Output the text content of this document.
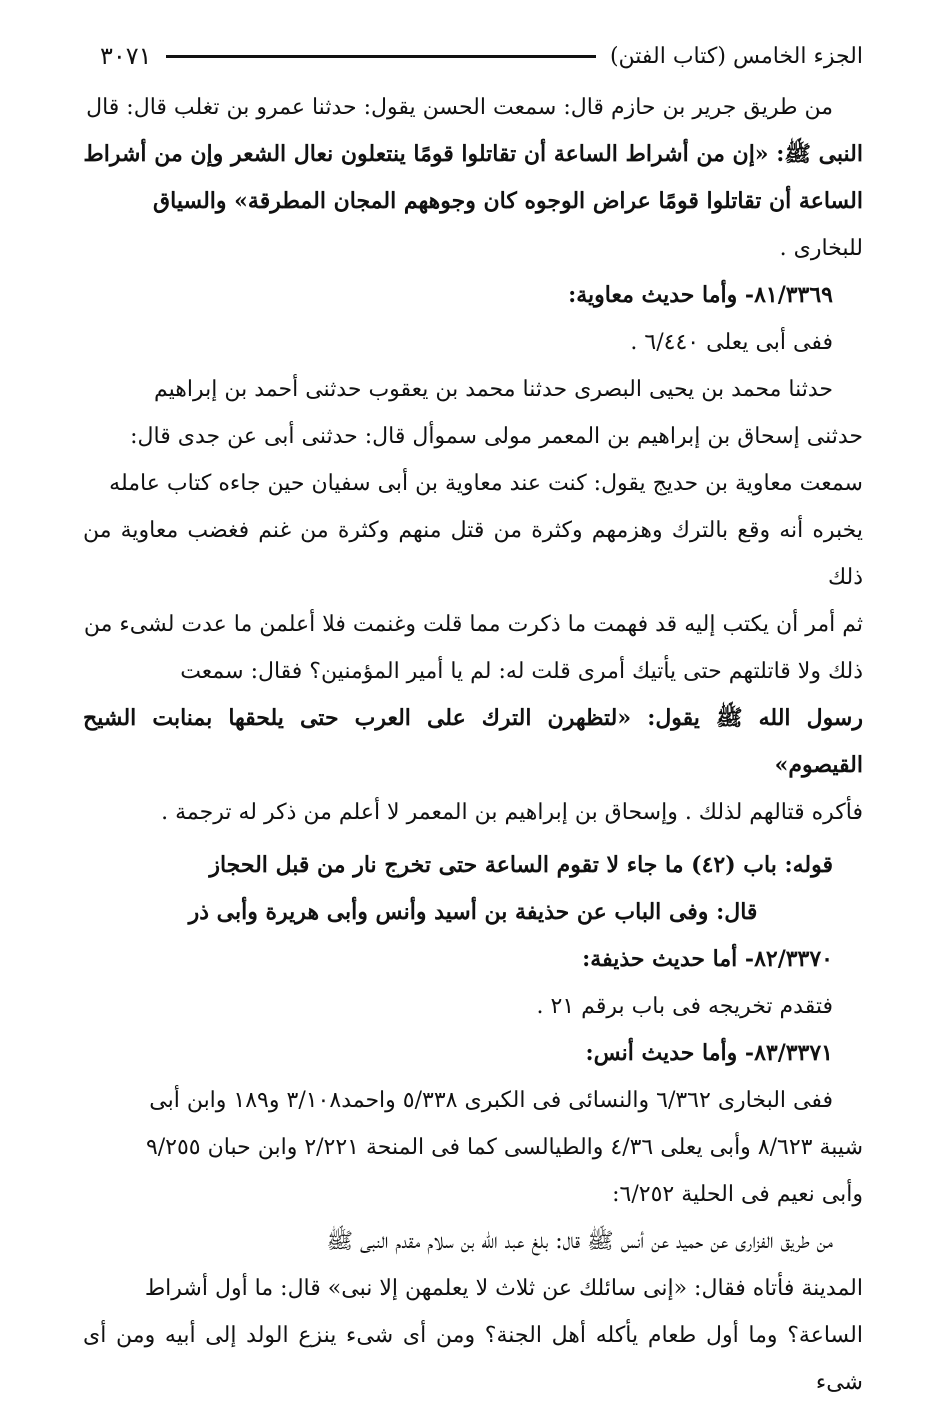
الجزء الخامس (كتاب الفتن)
٣٠٧١

من طريق جرير بن حازم قال: سمعت الحسن يقول: حدثنا عمرو بن تغلب قال: قال

النبى ﷺ: «إن من أشراط الساعة أن تقاتلوا قومًا ينتعلون نعال الشعر وإن من أشراط

الساعة أن تقاتلوا قومًا عراض الوجوه كان وجوههم المجان المطرقة» والسياق

للبخارى .

٨١/٣٣٦٩- وأما حديث معاوية:

ففى أبى يعلى ٦/٤٤٠ .

حدثنا محمد بن يحيى البصرى حدثنا محمد بن يعقوب حدثنى أحمد بن إبراهيم

حدثنى إسحاق بن إبراهيم بن المعمر مولى سموأل قال: حدثنى أبى عن جدى قال:

سمعت معاوية بن حديج يقول: كنت عند معاوية بن أبى سفيان حين جاءه كتاب عامله

يخبره أنه وقع بالترك وهزمهم وكثرة من قتل منهم وكثرة من غنم فغضب معاوية من ذلك

ثم أمر أن يكتب إليه قد فهمت ما ذكرت مما قلت وغنمت فلا أعلمن ما عدت لشىء من

ذلك ولا قاتلتهم حتى يأتيك أمرى قلت له: لم يا أمير المؤمنين؟ فقال: سمعت

رسول الله ﷺ يقول: «لتظهرن الترك على العرب حتى يلحقها بمنابت الشيح القيصوم»

فأكره قتالهم لذلك . وإسحاق بن إبراهيم بن المعمر لا أعلم من ذكر له ترجمة .

قوله: باب (٤٢) ما جاء لا تقوم الساعة حتى تخرج نار من قبل الحجاز

قال: وفى الباب عن حذيفة بن أسيد وأنس وأبى هريرة وأبى ذر

٨٢/٣٣٧٠- أما حديث حذيفة:

فتقدم تخريجه فى باب برقم ٢١ .

٨٣/٣٣٧١- وأما حديث أنس:

ففى البخارى ٦/٣٦٢ والنسائى فى الكبرى ٥/٣٣٨ واحمد٣/١٠٨ و١٨٩ وابن أبى

شيبة ٨/٦٢٣ وأبى يعلى ٤/٣٦ والطيالسى كما فى المنحة ٢/٢٢١ وابن حبان ٩/٢٥٥

وأبى نعيم فى الحلية ٦/٢٥٢:

من طريق الفزارى عن حميد عن أنس ﷺ قال: بلغ عبد الله بن سلام مقدم النبى ﷺ

المدينة فأتاه فقال: «إنى سائلك عن ثلاث لا يعلمهن إلا نبى» قال: ما أول أشراط

الساعة؟ وما أول طعام يأكله أهل الجنة؟ ومن أى شىء ينزع الولد إلى أبيه ومن أى شىء
